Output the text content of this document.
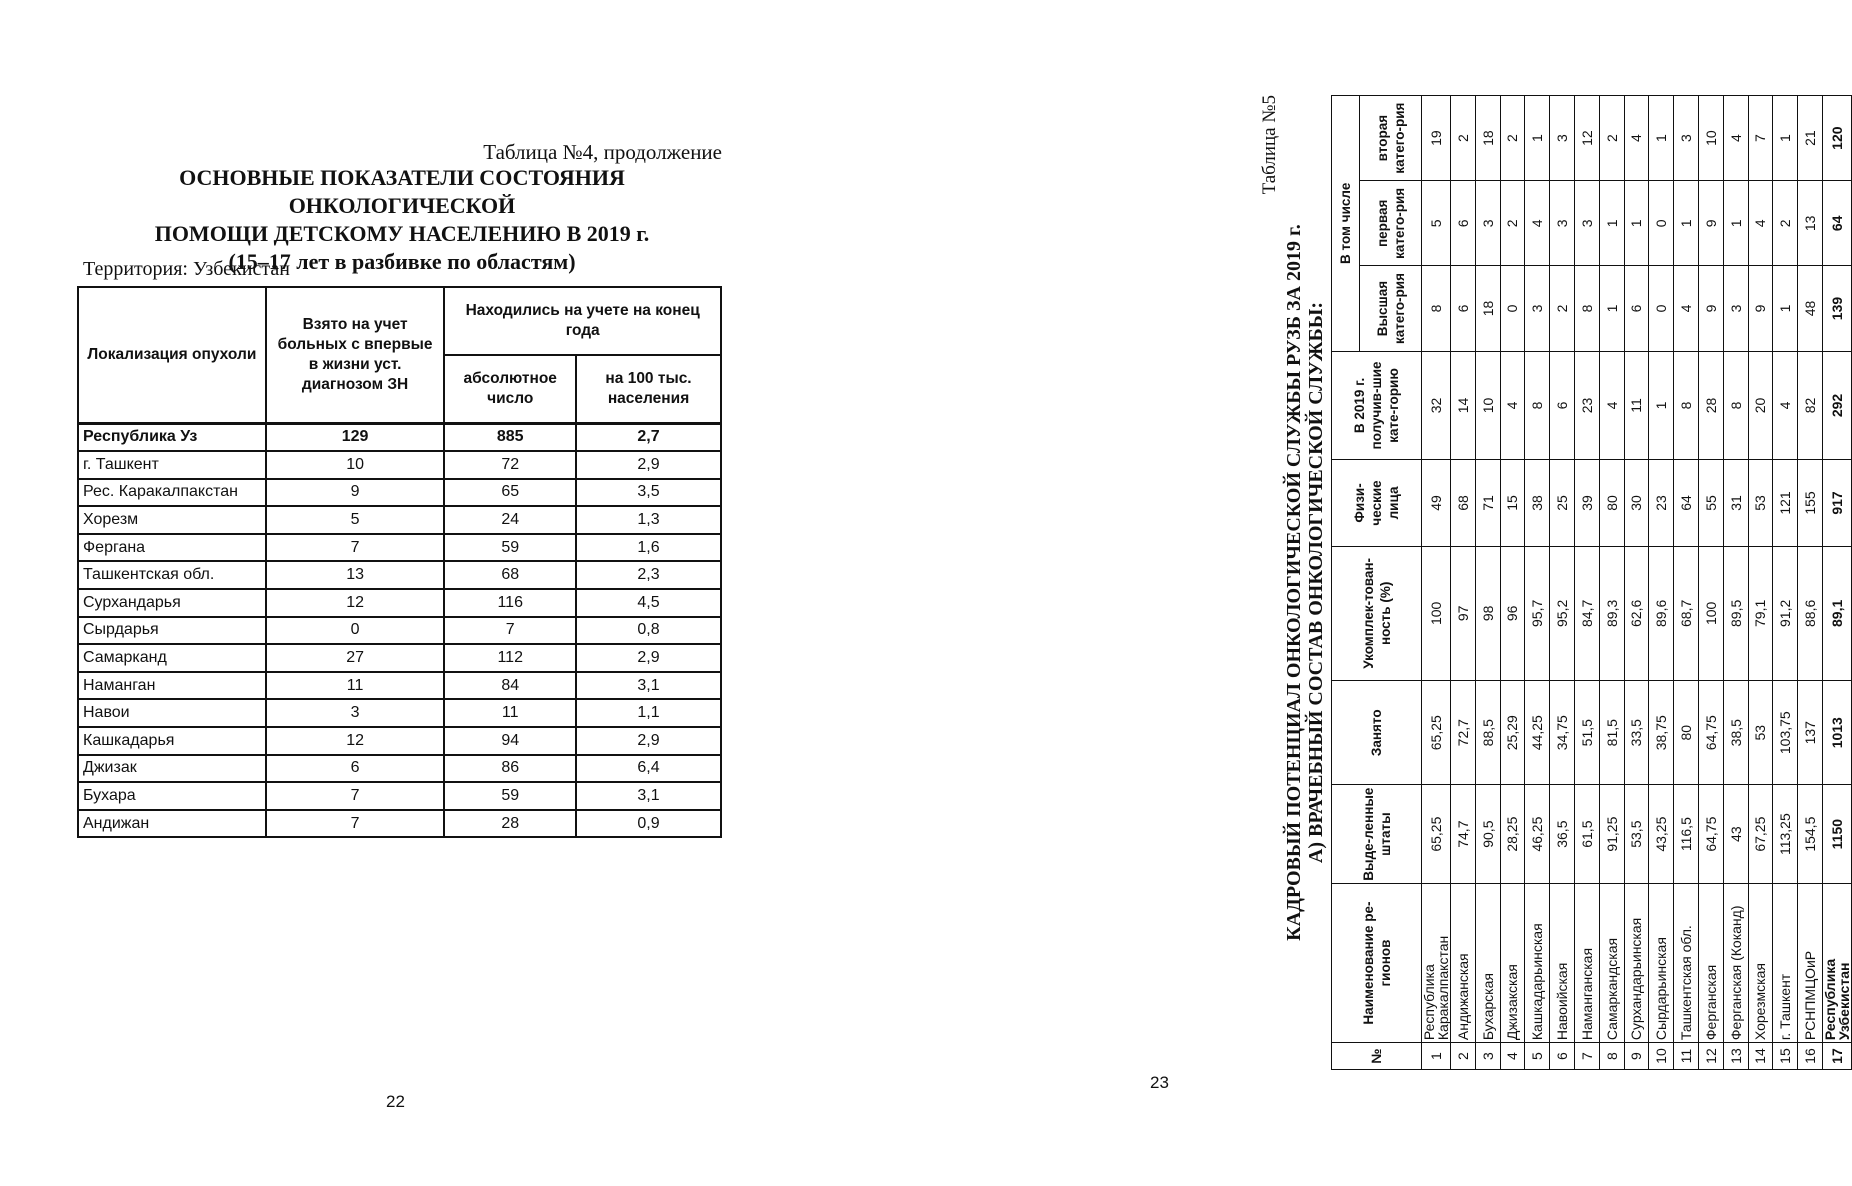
Таблица №4, продолжение
ОСНОВНЫЕ ПОКАЗАТЕЛИ СОСТОЯНИЯ ОНКОЛОГИЧЕСКОЙ
ПОМОЩИ ДЕТСКОМУ НАСЕЛЕНИЮ В 2019 г.
(15–17 лет в разбивке по областям)
Территория: Узбекистан
Локализация опухоли	Взято на учет больных с впервые в жизни уст. диагнозом ЗН	Находились на учете на конец года	
		абсолютное число	на 100 тыс. населения
Республика Уз	129	885	2,7
г. Ташкент	10	72	2,9
Рес. Каракалпакстан	9	65	3,5
Хорезм	5	24	1,3
Фергана	7	59	1,6
Ташкентская обл.	13	68	2,3
Сурхандарья	12	116	4,5
Сырдарья	0	7	0,8
Самарканд	27	112	2,9
Наманган	11	84	3,1
Навои	3	11	1,1
Кашкадарья	12	94	2,9
Джизак	6	86	6,4
Бухара	7	59	3,1
Андижан	7	28	0,9
22
Таблица №5
КАДРОВЫЙ ПОТЕНЦИАЛ ОНКОЛОГИЧЕСКОЙ СЛУЖБЫ РУЗБ ЗА 2019 г. А) ВРАЧЕБНЫЙ СОСТАВ ОНКОЛОГИЧЕСКОЙ СЛУЖБЫ:
№	Наименование ре-гионов	Выде-ленные штаты	Занято	Укомплек-тован-ность (%)	Физи-ческие лица	В 2019 г. получив-шие кате-горию	В том числе		
							Высшая катего-рия	первая катего-рия	вторая катего-рия
1	Республика Каракалпакстан	65,25	65,25	100	49	32	8	5	19
2	Андижанская	74,7	72,7	97	68	14	6	6	2
3	Бухарская	90,5	88,5	98	71	10	18	3	18
4	Джизакская	28,25	25,29	96	15	4	0	2	2
5	Кашкадарьинская	46,25	44,25	95,7	38	8	3	4	1
6	Навоийская	36,5	34,75	95,2	25	6	2	3	3
7	Наманганская	61,5	51,5	84,7	39	23	8	3	12
8	Самаркандская	91,25	81,5	89,3	80	4	1	1	2
9	Сурхандарьинская	53,5	33,5	62,6	30	11	6	1	4
10	Сырдарьинская	43,25	38,75	89,6	23	1	0	0	1
11	Ташкентская обл.	116,5	80	68,7	64	8	4	1	3
12	Ферганская	64,75	64,75	100	55	28	9	9	10
13	Ферганская (Коканд)	43	38,5	89,5	31	8	3	1	4
14	Хорезмская	67,25	53	79,1	53	20	9	4	7
15	г. Ташкент	113,25	103,75	91,2	121	4	1	2	1
16	РСНПМЦОиР	154,5	137	88,6	155	82	48	13	21
17	Республика Узбекистан	1150	1013	89,1	917	292	139	64	120
23
